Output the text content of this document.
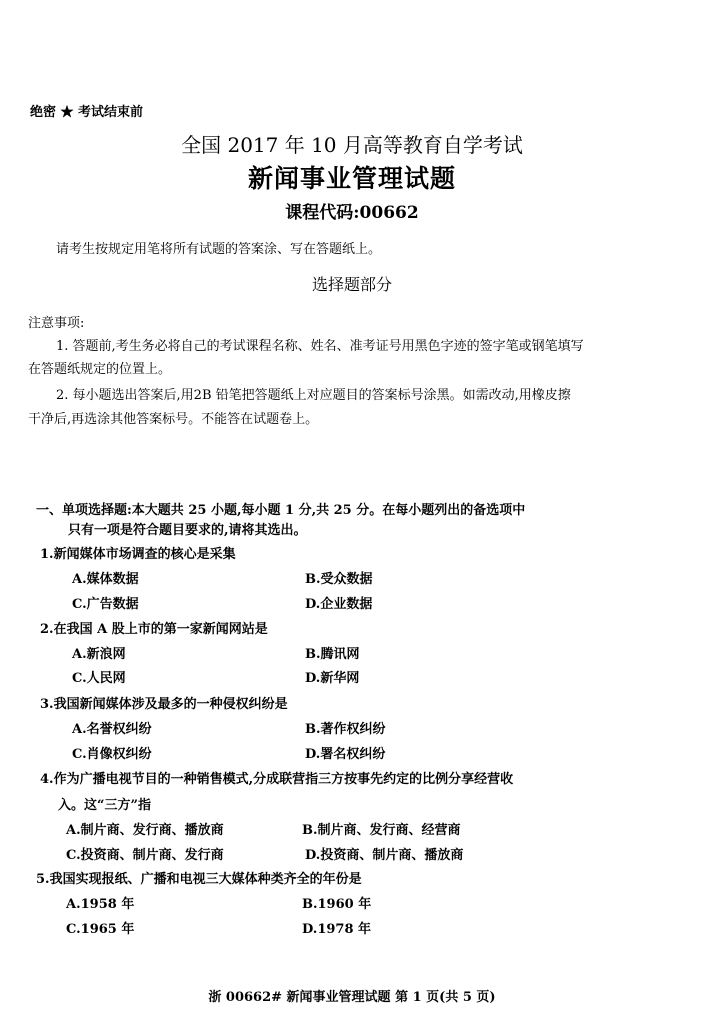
绝密 ★ 考试结束前
全国 2017 年 10 月高等教育自学考试
新闻事业管理试题
课程代码:00662
请考生按规定用笔将所有试题的答案涂、写在答题纸上。
选择题部分
注意事项:
1. 答题前,考生务必将自己的考试课程名称、姓名、准考证号用黑色字迹的签字笔或钢笔填写
在答题纸规定的位置上。
2. 每小题选出答案后,用2B 铅笔把答题纸上对应题目的答案标号涂黑。如需改动,用橡皮擦
干净后,再选涂其他答案标号。不能答在试题卷上。
一、单项选择题:本大题共 25 小题,每小题 1 分,共 25 分。在每小题列出的备选项中
只有一项是符合题目要求的,请将其选出。
1.新闻媒体市场调查的核心是采集
A.媒体数据	B.受众数据
C.广告数据	D.企业数据
2.在我国 A 股上市的第一家新闻网站是
A.新浪网	B.腾讯网
C.人民网	D.新华网
3.我国新闻媒体涉及最多的一种侵权纠纷是
A.名誉权纠纷	B.著作权纠纷
C.肖像权纠纷	D.署名权纠纷
4.作为广播电视节目的一种销售模式,分成联营指三方按事先约定的比例分享经营收
入。这“三方”指
A.制片商、发行商、播放商	B.制片商、发行商、经营商
C.投资商、制片商、发行商	D.投资商、制片商、播放商
5.我国实现报纸、广播和电视三大媒体种类齐全的年份是
A.1958 年	B.1960 年
C.1965 年	D.1978 年
浙 00662# 新闻事业管理试题 第 1 页(共 5 页)
